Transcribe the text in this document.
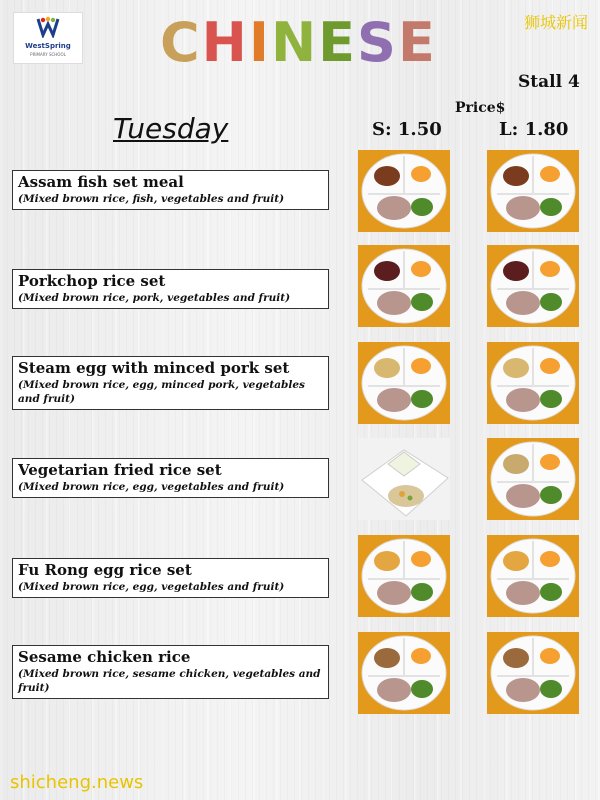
WestSpring
PRIMARY SCHOOL C H I N E S E	狮城新闻
Stall 4
Price$
Tuesday	S: 1.50	L: 1.80
Assam fish set meal
(Mixed brown rice, fish, vegetables and fruit)
Porkchop rice set
(Mixed brown rice, pork, vegetables and fruit)
Steam egg with minced pork set
(Mixed brown rice, egg, minced pork, vegetables and fruit)
Vegetarian fried rice set
(Mixed brown rice, egg, vegetables and fruit)
Fu Rong egg rice set
(Mixed brown rice, egg, vegetables and fruit)
Sesame chicken rice
(Mixed brown rice, sesame chicken, vegetables and fruit)
shicheng.news
